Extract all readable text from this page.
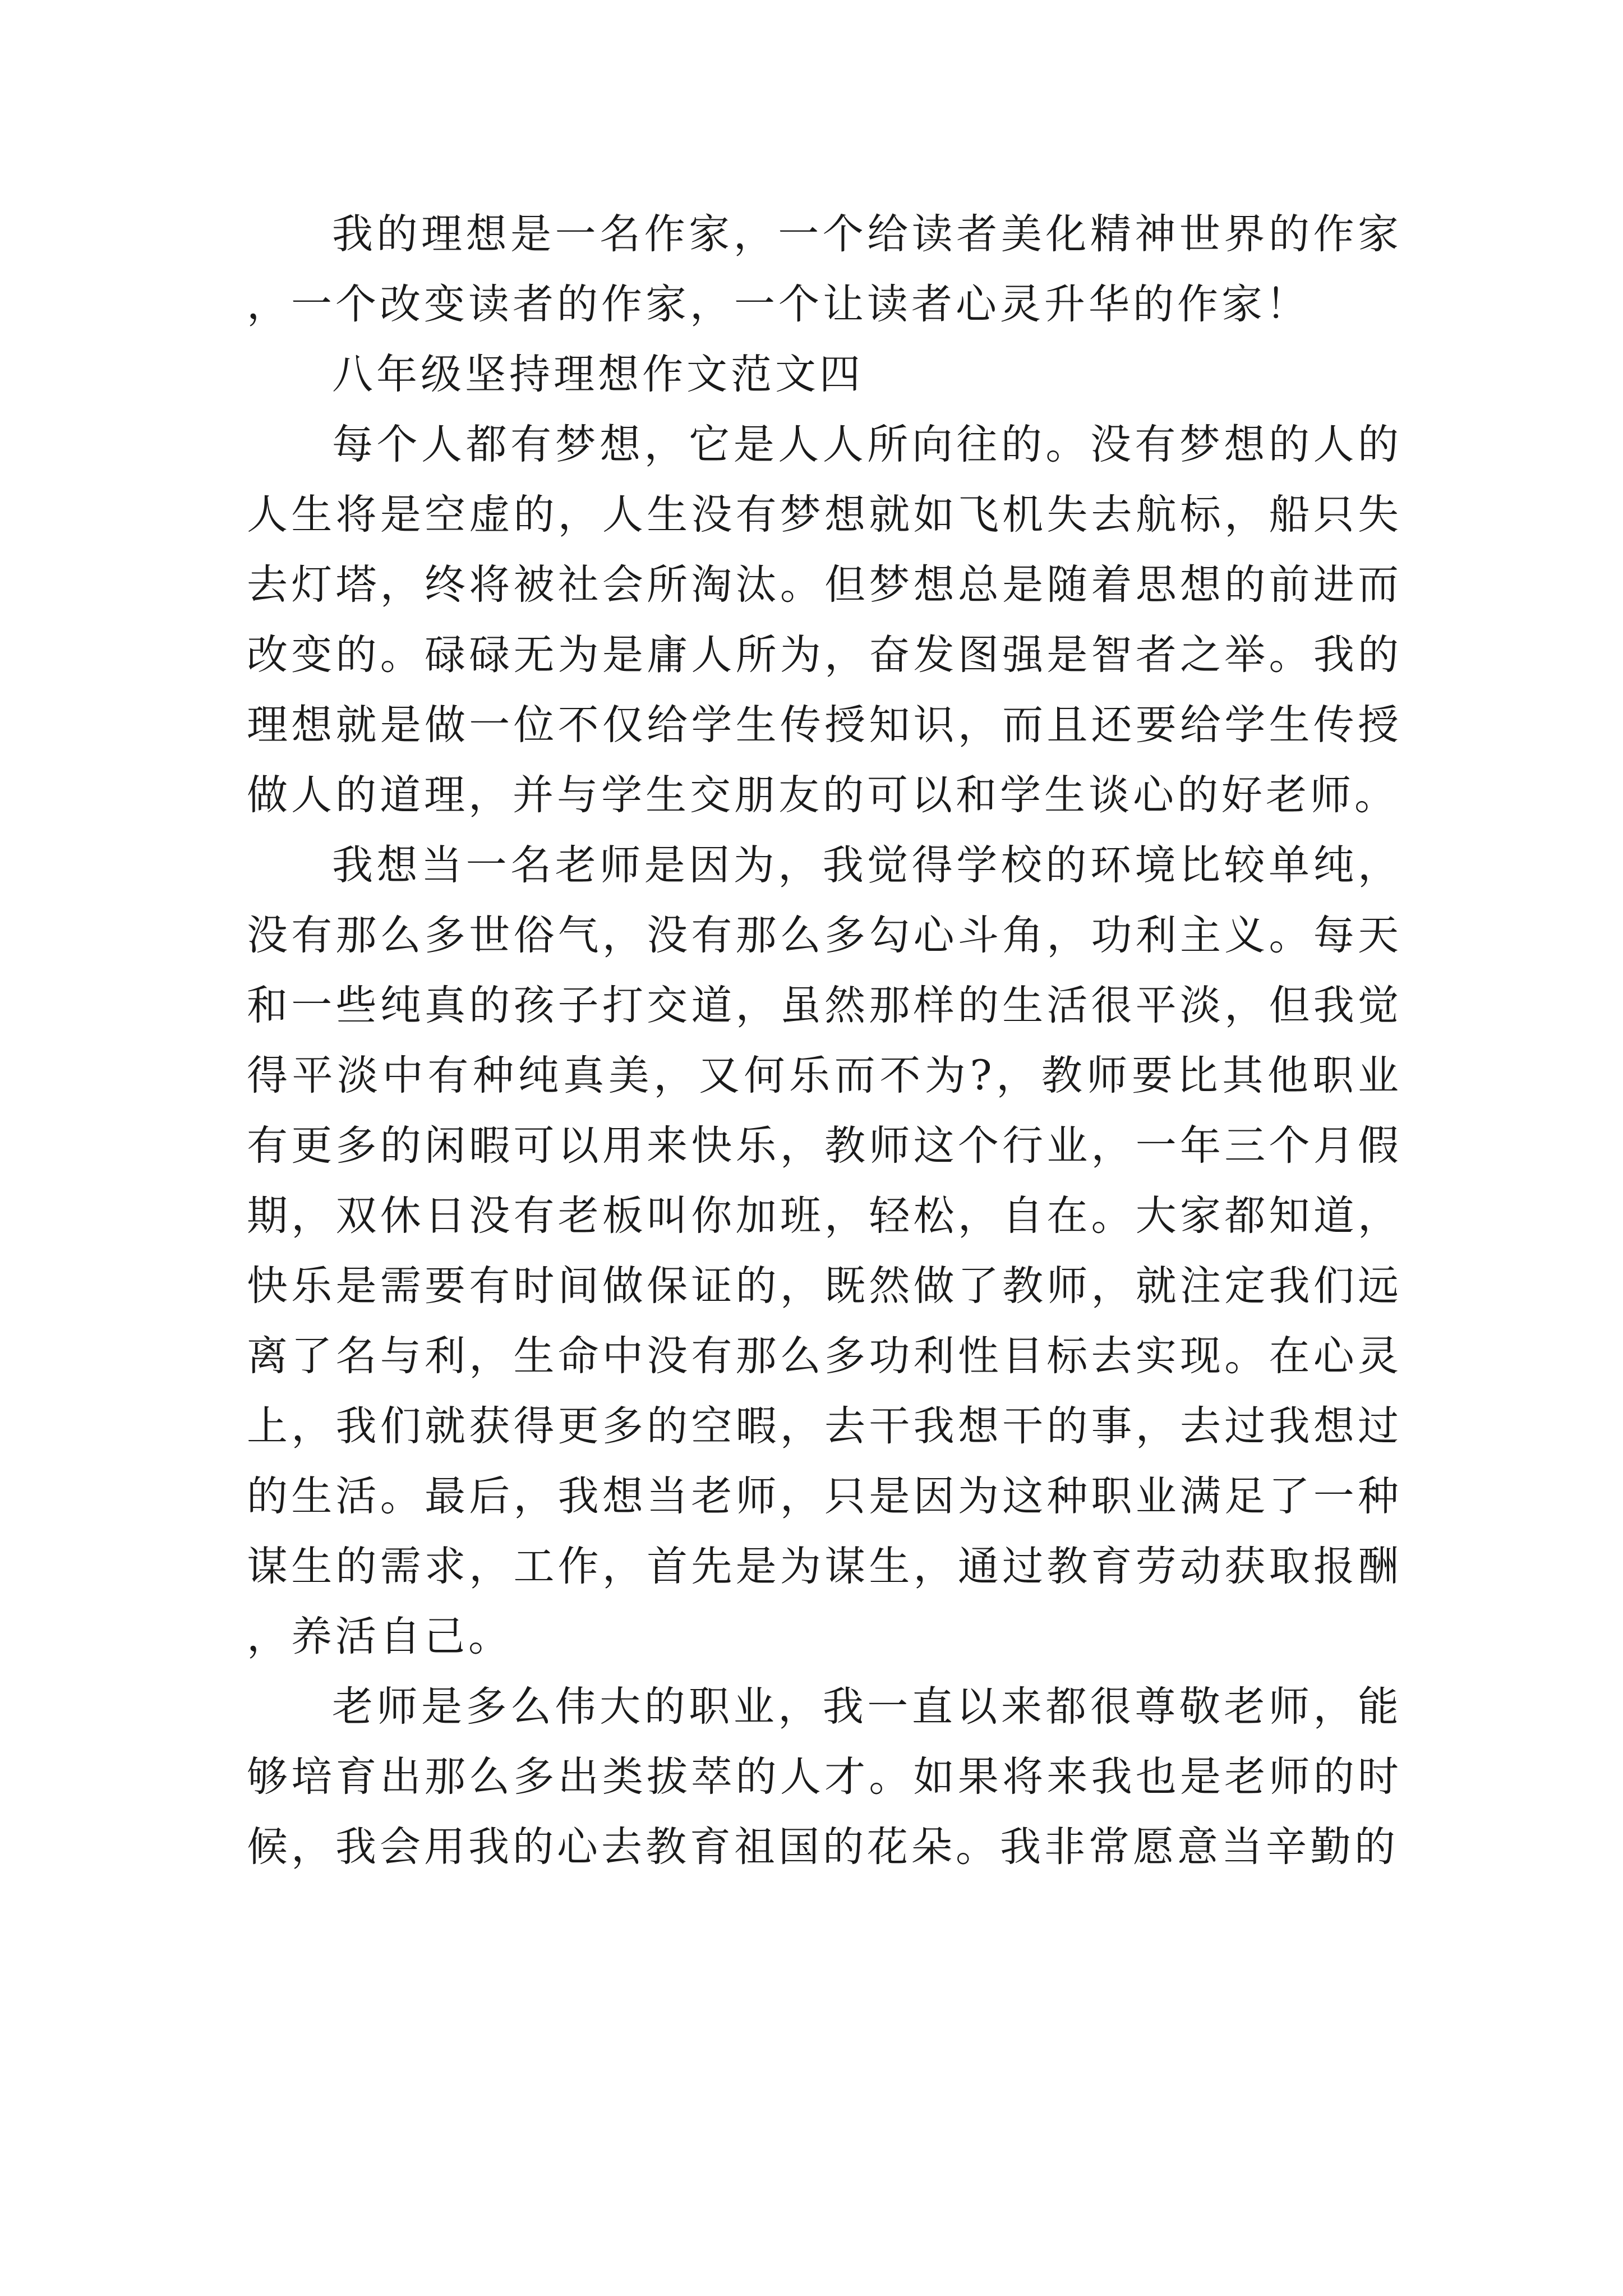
我的理想是一名作家，一个给读者美化精神世界的作家，一个改变读者的作家，一个让读者心灵升华的作家！

八年级坚持理想作文范文四

每个人都有梦想，它是人人所向往的。没有梦想的人的人生将是空虚的，人生没有梦想就如飞机失去航标，船只失去灯塔，终将被社会所淘汰。但梦想总是随着思想的前进而改变的。碌碌无为是庸人所为，奋发图强是智者之举。我的理想就是做一位不仅给学生传授知识，而且还要给学生传授做人的道理，并与学生交朋友的可以和学生谈心的好老师。

我想当一名老师是因为，我觉得学校的环境比较单纯，没有那么多世俗气，没有那么多勾心斗角，功利主义。每天和一些纯真的孩子打交道，虽然那样的生活很平淡，但我觉得平淡中有种纯真美，又何乐而不为?，教师要比其他职业有更多的闲暇可以用来快乐，教师这个行业，一年三个月假期，双休日没有老板叫你加班，轻松，自在。大家都知道，快乐是需要有时间做保证的，既然做了教师，就注定我们远离了名与利，生命中没有那么多功利性目标去实现。在心灵上，我们就获得更多的空暇，去干我想干的事，去过我想过的生活。最后，我想当老师，只是因为这种职业满足了一种谋生的需求，工作，首先是为谋生，通过教育劳动获取报酬，养活自己。

老师是多么伟大的职业，我一直以来都很尊敬老师，能够培育出那么多出类拔萃的人才。如果将来我也是老师的时候，我会用我的心去教育祖国的花朵。我非常愿意当辛勤的
